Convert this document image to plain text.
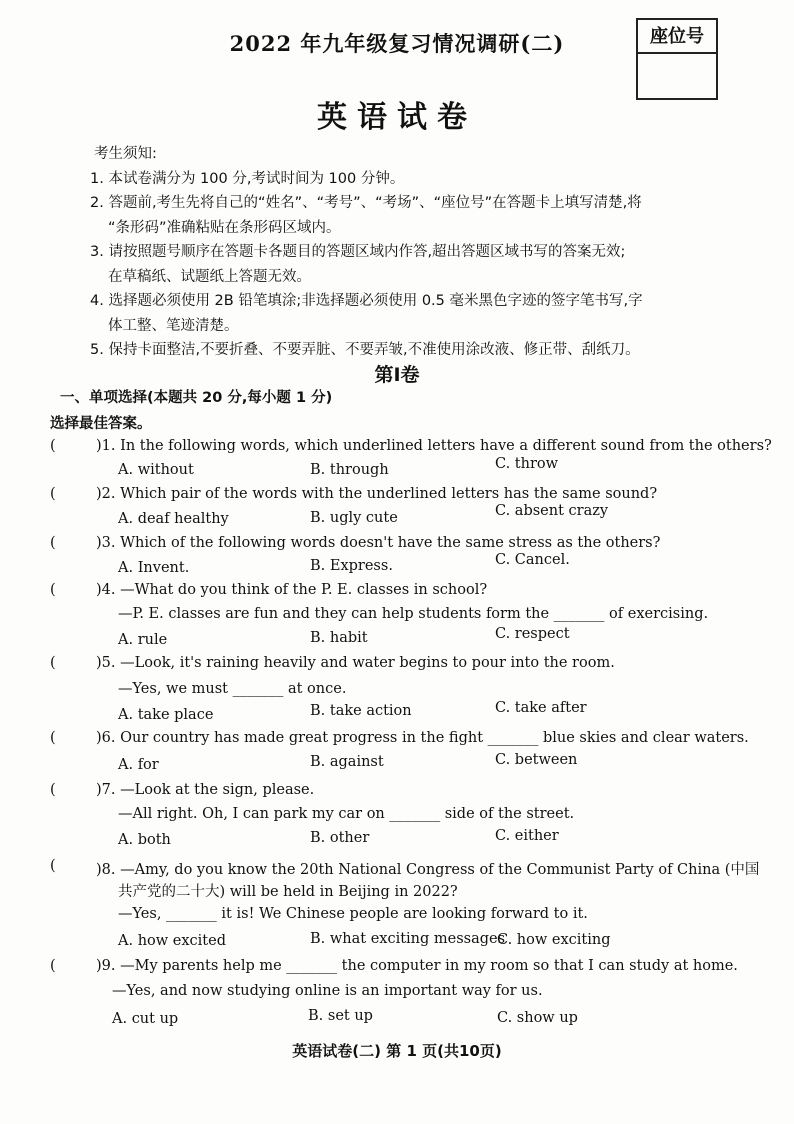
2022 年九年级复习情况调研(二)	座位号
英语试卷
考生须知:
1. 本试卷满分为 100 分,考试时间为 100 分钟。
2. 答题前,考生先将自己的“姓名”、“考号”、“考场”、“座位号”在答题卡上填写清楚,将
“条形码”准确粘贴在条形码区域内。
3. 请按照题号顺序在答题卡各题目的答题区域内作答,超出答题区域书写的答案无效;
在草稿纸、试题纸上答题无效。
4. 选择题必须使用 2B 铅笔填涂;非选择题必须使用 0.5 毫米黑色字迹的签字笔书写,字
体工整、笔迹清楚。
5. 保持卡面整洁,不要折叠、不要弄脏、不要弄皱,不准使用涂改液、修正带、刮纸刀。
第Ⅰ卷
一、单项选择(本题共 20 分,每小题 1 分)
选择最佳答案。
(	)1. In the following words, which underlined letters have a different sound from the others?
A. without	B. through	C. throw
(	)2. Which pair of the words with the underlined letters has the same sound?
A. deaf healthy	B. ugly cute	C. absent crazy
(	)3. Which of the following words doesn't have the same stress as the others?
A. Invent.	B. Express.	C. Cancel.
(	)4. —What do you think of the P. E. classes in school?
—P. E. classes are fun and they can help students form the _______ of exercising.
A. rule	B. habit	C. respect
(	)5. —Look, it's raining heavily and water begins to pour into the room.
—Yes, we must _______ at once.
A. take place	B. take action	C. take after
(	)6. Our country has made great progress in the fight _______ blue skies and clear waters.
A. for	B. against	C. between
(	)7. —Look at the sign, please.
—All right. Oh, I can park my car on _______ side of the street.
A. both	B. other	C. either
(	)8. —Amy, do you know the 20th National Congress of the Communist Party of China (中国
共产党的二十大) will be held in Beijing in 2022?
—Yes, _______ it is! We Chinese people are looking forward to it.
A. how excited	B. what exciting messages
C. how exciting
(	)9. —My parents help me _______ the computer in my room so that I can study at home.
—Yes, and now studying online is an important way for us.
A. cut up	B. set up	C. show up
英语试卷(二) 第 1 页(共10页)
